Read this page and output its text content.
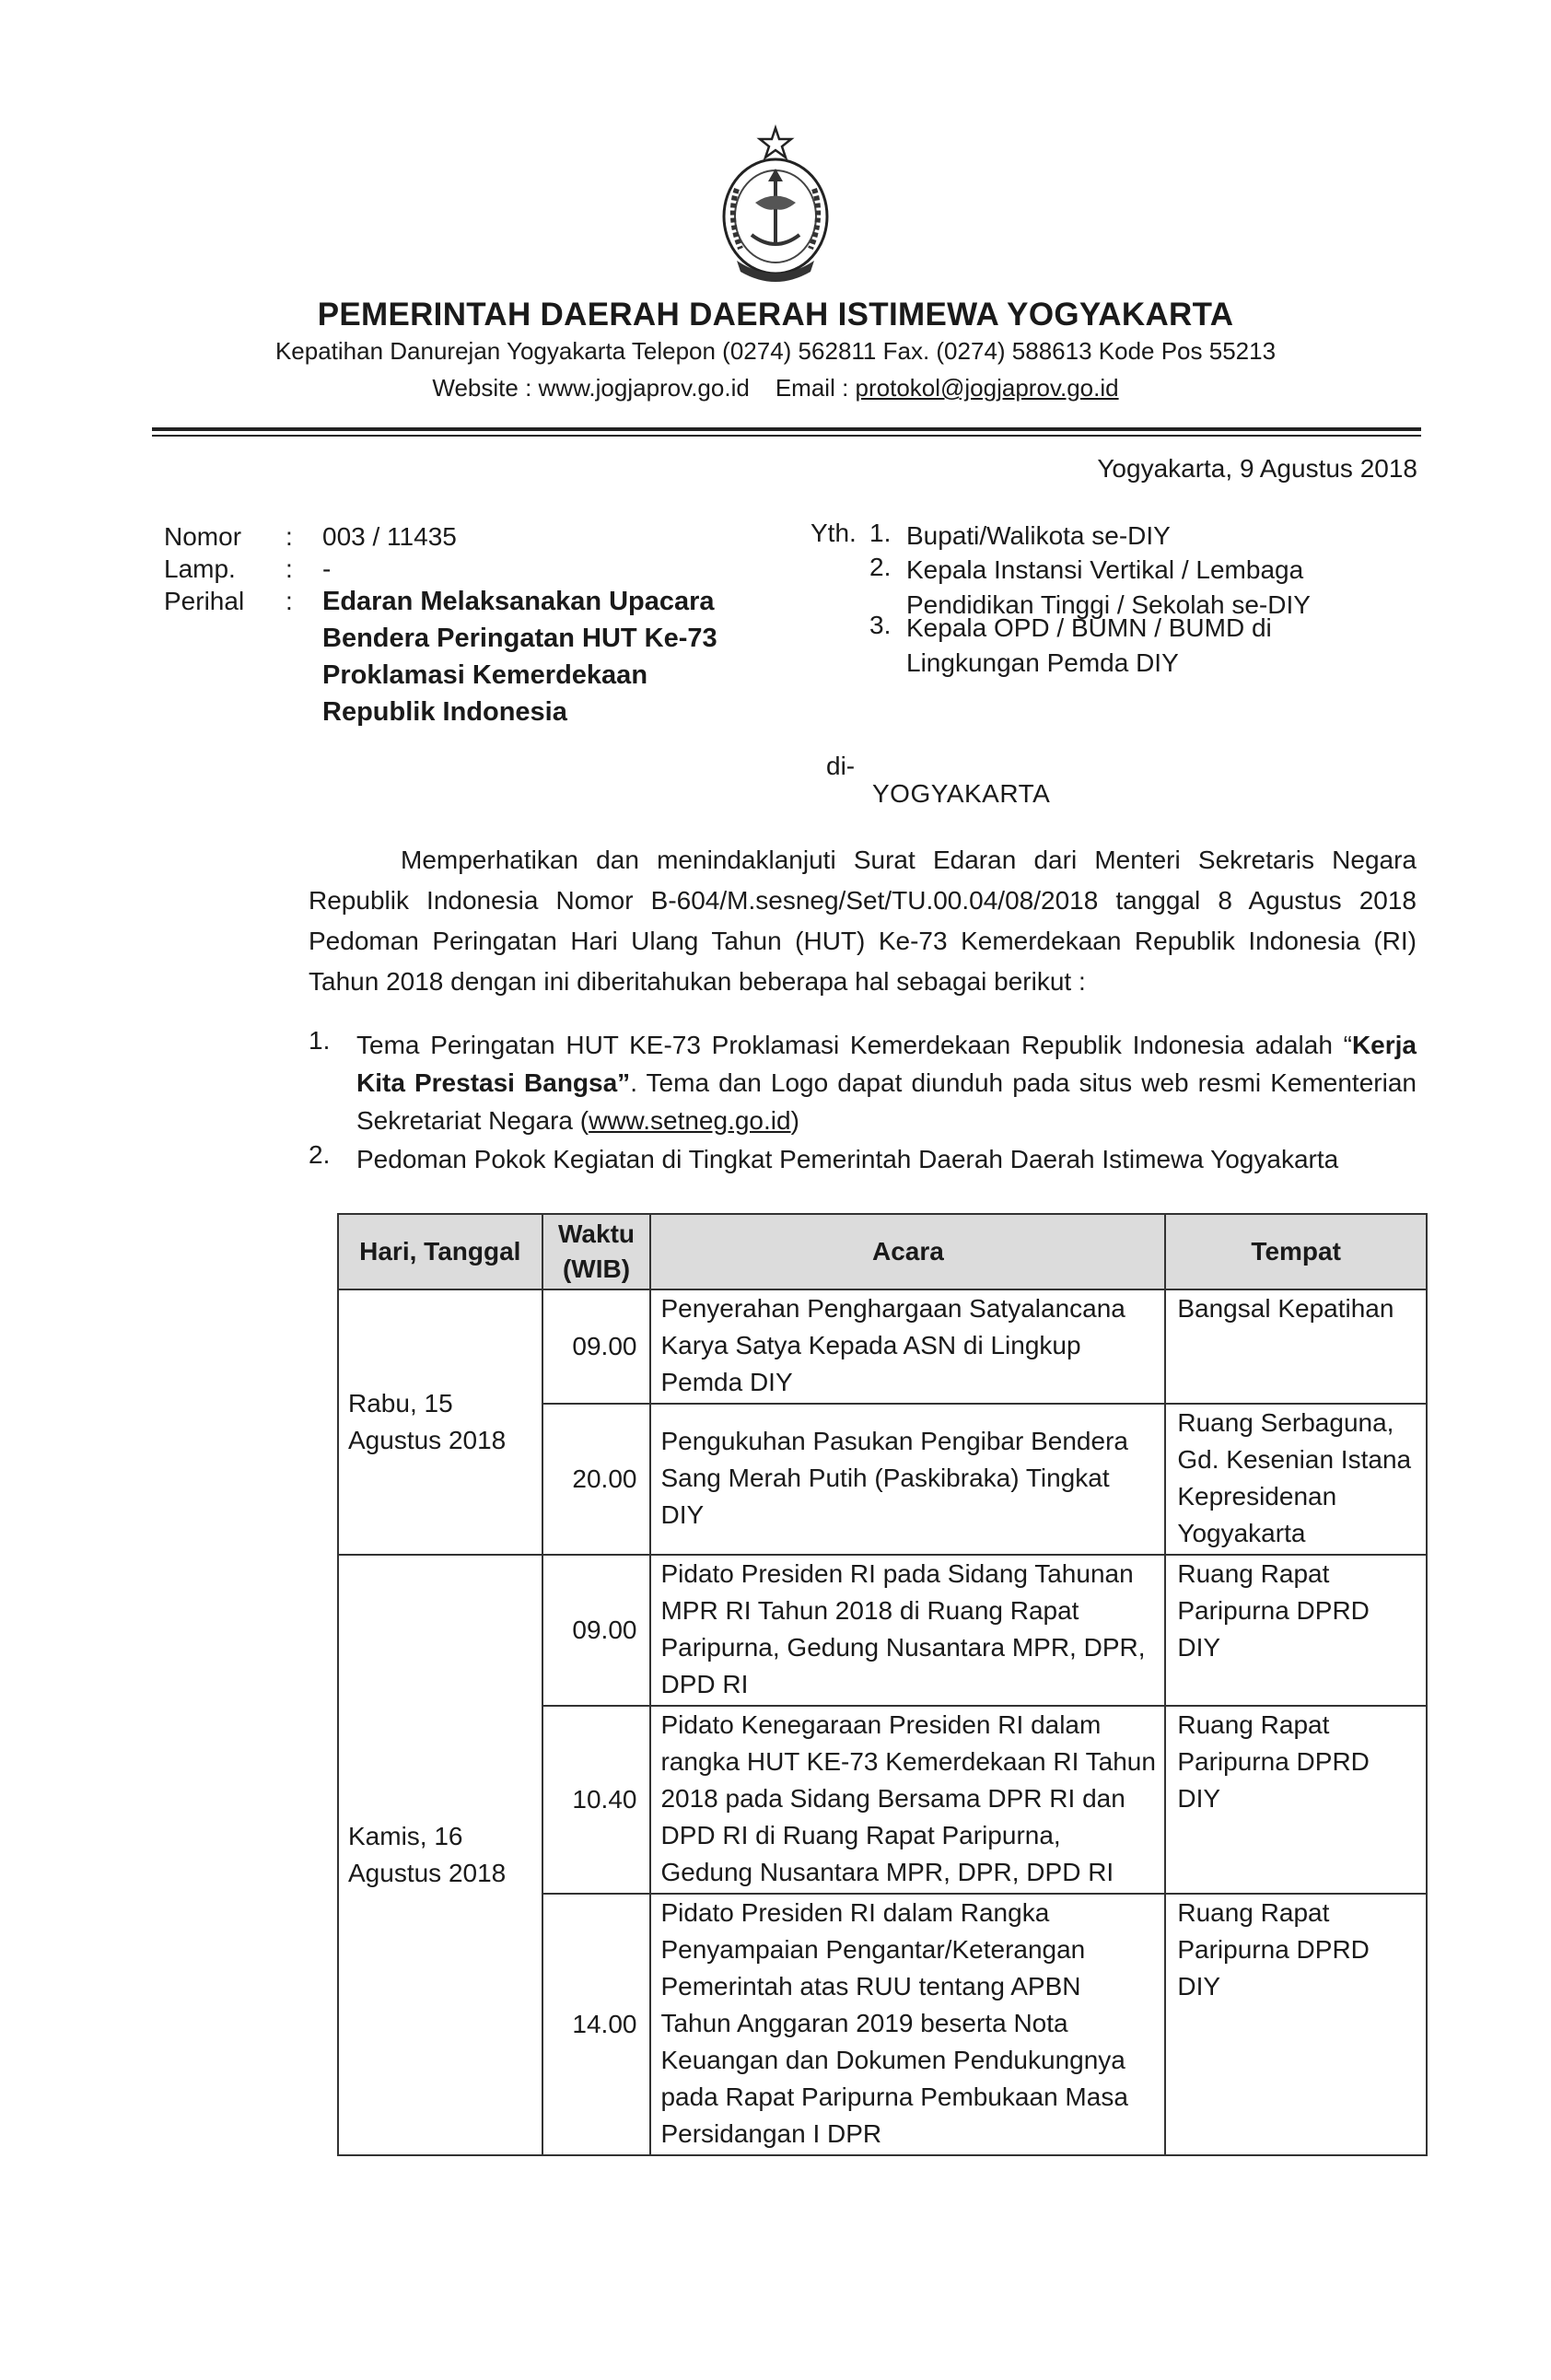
PEMERINTAH DAERAH DAERAH ISTIMEWA YOGYAKARTA
Kepatihan Danurejan Yogyakarta Telepon (0274) 562811 Fax. (0274) 588613 Kode Pos 55213
Website : www.jogjaprov.go.id Email : protokol@jogjaprov.go.id
Yogyakarta, 9 Agustus 2018
Nomor : 003 / 11435
Lamp. : -
Perihal : Edaran Melaksanakan Upacara Bendera Peringatan HUT Ke-73 Proklamasi Kemerdekaan Republik Indonesia
Yth. 1. Bupati/Walikota se-DIY
2. Kepala Instansi Vertikal / Lembaga Pendidikan Tinggi / Sekolah se-DIY
3. Kepala OPD / BUMN / BUMD di Lingkungan Pemda DIY
di-
YOGYAKARTA
Memperhatikan dan menindaklanjuti Surat Edaran dari Menteri Sekretaris Negara Republik Indonesia Nomor B-604/M.sesneg/Set/TU.00.04/08/2018 tanggal 8 Agustus 2018 Pedoman Peringatan Hari Ulang Tahun (HUT) Ke-73 Kemerdekaan Republik Indonesia (RI) Tahun 2018 dengan ini diberitahukan beberapa hal sebagai berikut :
1. Tema Peringatan HUT KE-73 Proklamasi Kemerdekaan Republik Indonesia adalah “Kerja Kita Prestasi Bangsa”. Tema dan Logo dapat diunduh pada situs web resmi Kementerian Sekretariat Negara (www.setneg.go.id)
2. Pedoman Pokok Kegiatan di Tingkat Pemerintah Daerah Daerah Istimewa Yogyakarta
Hari, Tanggal	Waktu (WIB)	Acara	Tempat
Rabu, 15 Agustus 2018	09.00	Penyerahan Penghargaan Satyalancana Karya Satya Kepada ASN di Lingkup Pemda DIY	Bangsal Kepatihan
	20.00	Pengukuhan Pasukan Pengibar Bendera Sang Merah Putih (Paskibraka) Tingkat DIY	Ruang Serbaguna, Gd. Kesenian Istana Kepresidenan Yogyakarta
Kamis, 16 Agustus 2018	09.00	Pidato Presiden RI pada Sidang Tahunan MPR RI Tahun 2018 di Ruang Rapat Paripurna, Gedung Nusantara MPR, DPR, DPD RI	Ruang Rapat Paripurna DPRD DIY
	10.40	Pidato Kenegaraan Presiden RI dalam rangka HUT KE-73 Kemerdekaan RI Tahun 2018 pada Sidang Bersama DPR RI dan DPD RI di Ruang Rapat Paripurna, Gedung Nusantara MPR, DPR, DPD RI	Ruang Rapat Paripurna DPRD DIY
	14.00	Pidato Presiden RI dalam Rangka Penyampaian Pengantar/Keterangan Pemerintah atas RUU tentang APBN Tahun Anggaran 2019 beserta Nota Keuangan dan Dokumen Pendukungnya pada Rapat Paripurna Pembukaan Masa Persidangan I DPR	Ruang Rapat Paripurna DPRD DIY
